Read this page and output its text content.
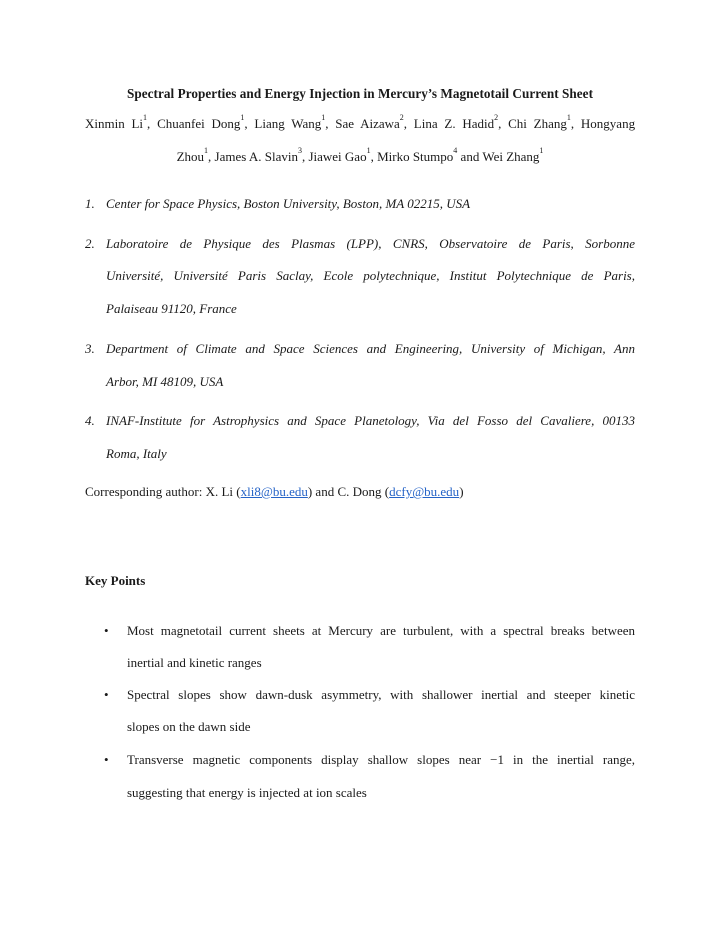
Spectral Properties and Energy Injection in Mercury’s Magnetotail Current Sheet
Xinmin Li$^1$, Chuanfei Dong$^1$, Liang Wang$^1$, Sae Aizawa$^2$, Lina Z. Hadid$^2$, Chi Zhang$^1$, Hongyang
Zhou$^1$, James A. Slavin$^3$, Jiawei Gao$^1$, Mirko Stumpo$^4$ and Wei Zhang$^1$
1. Center for Space Physics, Boston University, Boston, MA 02215, USA
2. Laboratoire de Physique des Plasmas (LPP), CNRS, Observatoire de Paris, Sorbonne
Université, Université Paris Saclay, Ecole polytechnique, Institut Polytechnique de Paris,
Palaiseau 91120, France
3. Department of Climate and Space Sciences and Engineering, University of Michigan, Ann
Arbor, MI 48109, USA
4. INAF-Institute for Astrophysics and Space Planetology, Via del Fosso del Cavaliere, 00133
Roma, Italy
Corresponding author: X. Li (xli8@bu.edu) and C. Dong (dcfy@bu.edu)
Key Points
• Most magnetotail current sheets at Mercury are turbulent, with a spectral breaks between
inertial and kinetic ranges
• Spectral slopes show dawn-dusk asymmetry, with shallower inertial and steeper kinetic
slopes on the dawn side
• Transverse magnetic components display shallow slopes near −1 in the inertial range,
suggesting that energy is injected at ion scales
